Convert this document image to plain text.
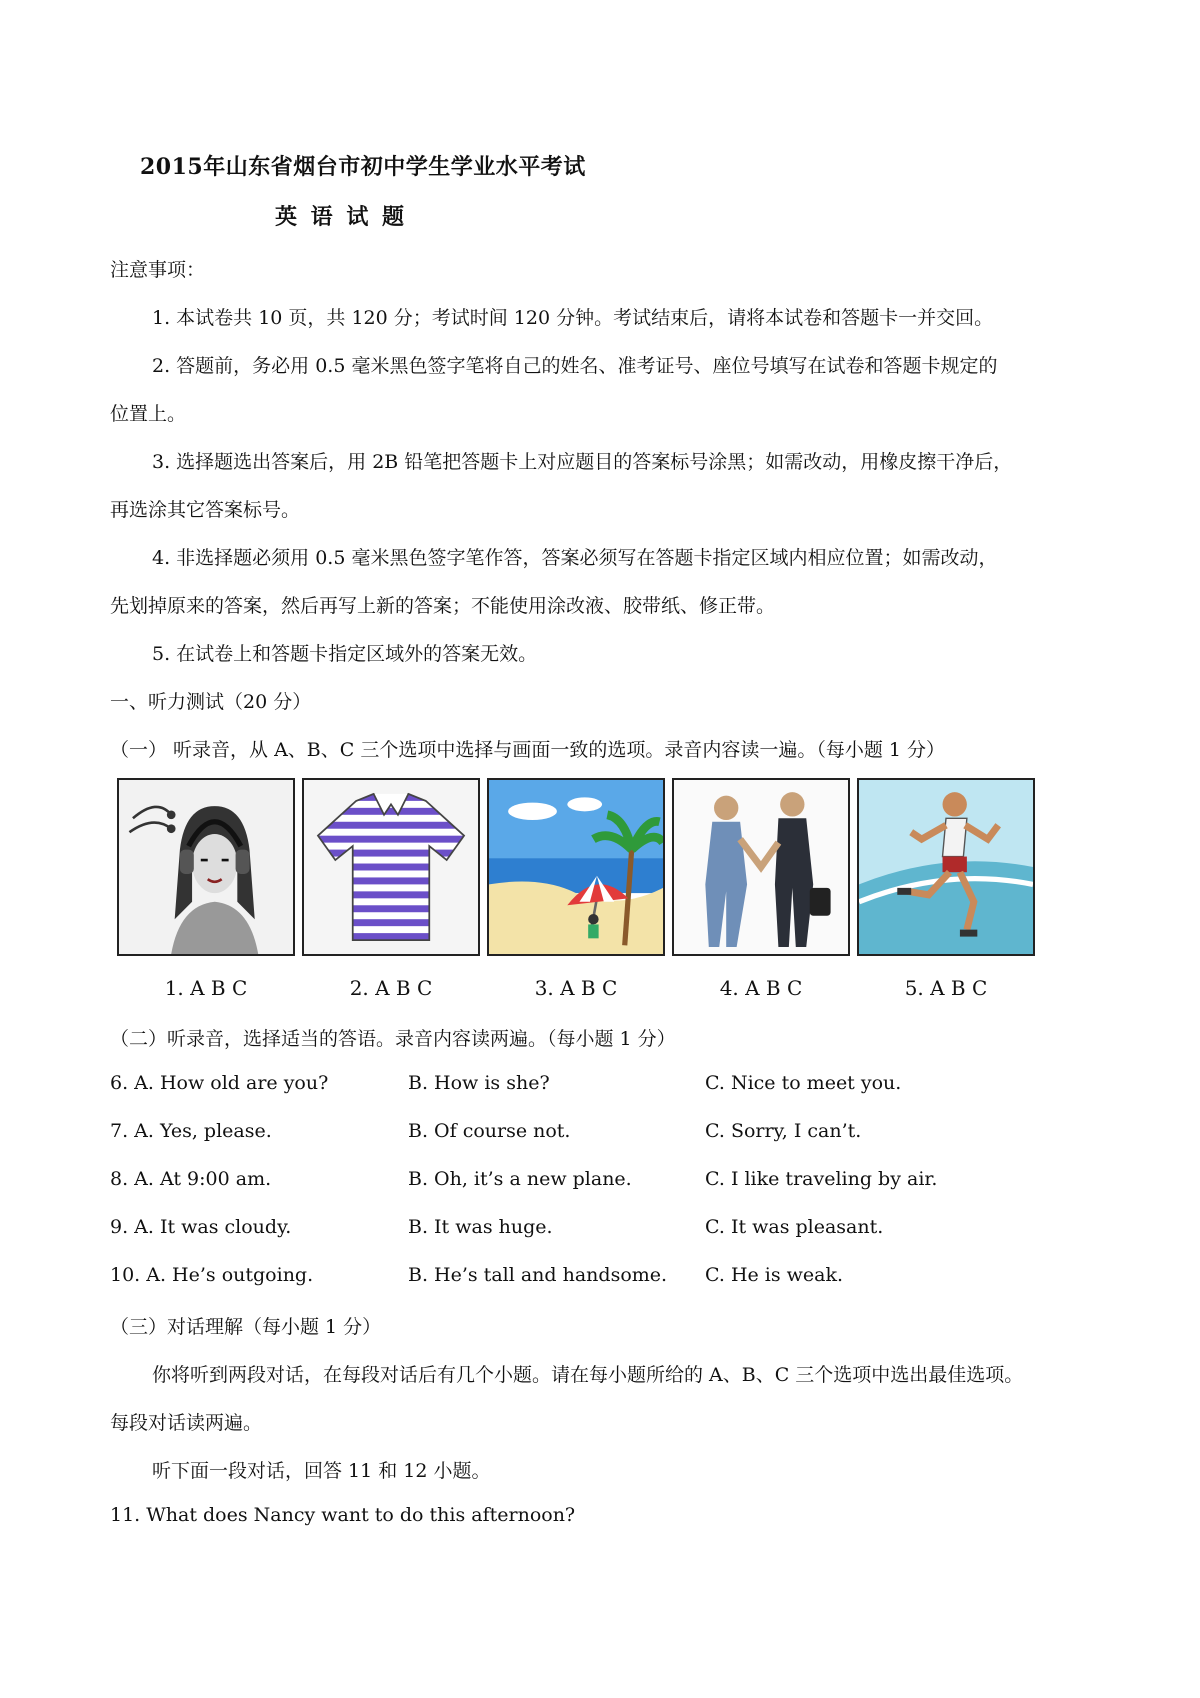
2015年山东省烟台市初中学生学业水平考试
英 语 试 题
注意事项：
1. 本试卷共 10 页，共 120 分；考试时间 120 分钟。考试结束后，请将本试卷和答题卡一并交回。
2. 答题前，务必用 0.5 毫米黑色签字笔将自己的姓名、准考证号、座位号填写在试卷和答题卡规定的
位置上。
3. 选择题选出答案后，用 2B 铅笔把答题卡上对应题目的答案标号涂黑；如需改动，用橡皮擦干净后，
再选涂其它答案标号。
4. 非选择题必须用 0.5 毫米黑色签字笔作答，答案必须写在答题卡指定区域内相应位置；如需改动，
先划掉原来的答案，然后再写上新的答案；不能使用涂改液、胶带纸、修正带。
5. 在试卷上和答题卡指定区域外的答案无效。
一、听力测试（20 分）
（一） 听录音，从 A、B、C 三个选项中选择与画面一致的选项。录音内容读一遍。（每小题 1 分）
1. A B C	2. A B C	3. A B C	4. A B C	5. A B C
（二）听录音，选择适当的答语。录音内容读两遍。（每小题 1 分）
6. A. How old are you?	B. How is she?	C. Nice to meet you.
7. A. Yes, please.	B. Of course not.	C. Sorry, I can’t.
8. A. At 9:00 am.	B. Oh, it’s a new plane.	C. I like traveling by air.
9. A. It was cloudy.	B. It was huge.	C. It was pleasant.
10. A. He’s outgoing.	B. He’s tall and handsome. C. He is weak.
（三）对话理解（每小题 1 分）
你将听到两段对话，在每段对话后有几个小题。请在每小题所给的 A、B、C 三个选项中选出最佳选项。
每段对话读两遍。
听下面一段对话，回答 11 和 12 小题。
11. What does Nancy want to do this afternoon?
